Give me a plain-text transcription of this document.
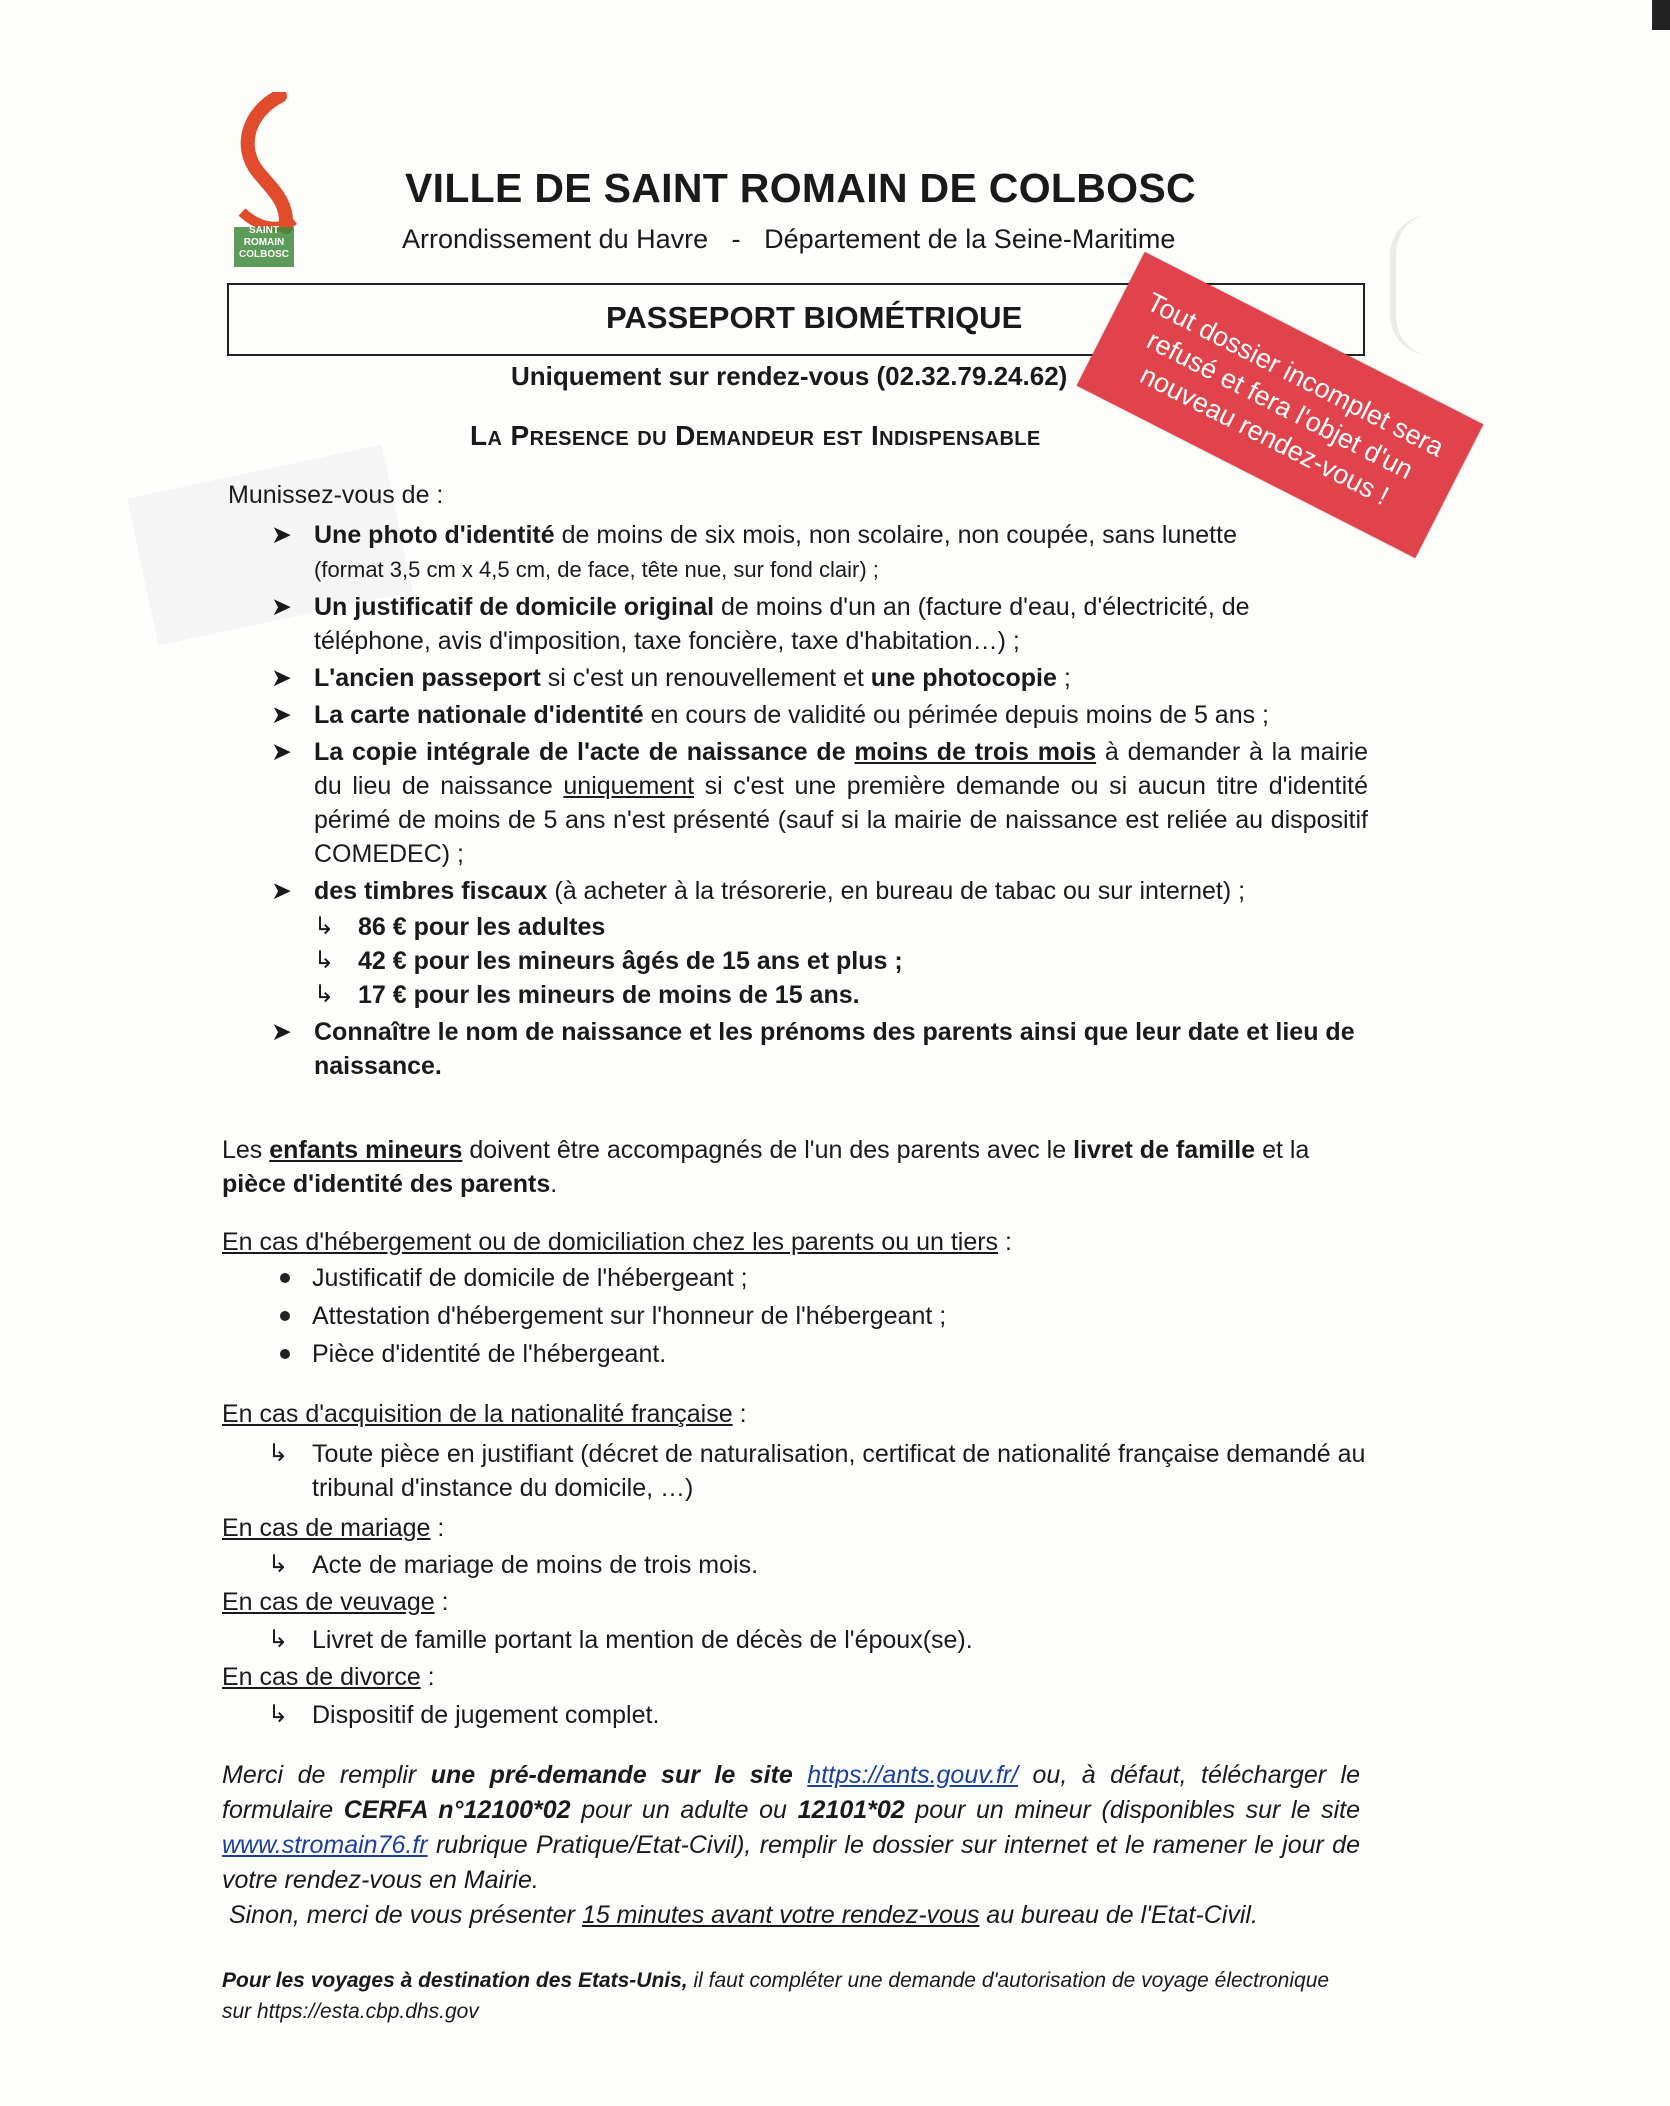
SAINT ROMAIN COLBOSC
VILLE DE SAINT ROMAIN DE COLBOSC
Arrondissement du Havre - Département de la Seine-Maritime
PASSEPORT BIOMÉTRIQUE
Uniquement sur rendez-vous (02.32.79.24.62)
La Presence du Demandeur est Indispensable	Tout dossier incomplet sera refusé et fera l'objet d'un nouveau rendez-vous !
Munissez-vous de :
➤ Une photo d'identité de moins de six mois, non scolaire, non coupée, sans lunette
(format 3,5 cm x 4,5 cm, de face, tête nue, sur fond clair) ;
➤ Un justificatif de domicile original de moins d'un an (facture d'eau, d'électricité, de téléphone, avis d'imposition, taxe foncière, taxe d'habitation…) ;
➤ L'ancien passeport si c'est un renouvellement et une photocopie ;
➤ La carte nationale d'identité en cours de validité ou périmée depuis moins de 5 ans ;
➤ La copie intégrale de l'acte de naissance de moins de trois mois à demander à la mairie du lieu de naissance uniquement si c'est une première demande ou si aucun titre d'identité périmé de moins de 5 ans n'est présenté (sauf si la mairie de naissance est reliée au dispositif COMEDEC) ;
➤ des timbres fiscaux (à acheter à la trésorerie, en bureau de tabac ou sur internet) ;
↳ 86 € pour les adultes
↳ 42 € pour les mineurs âgés de 15 ans et plus ;
↳ 17 € pour les mineurs de moins de 15 ans.
➤ Connaître le nom de naissance et les prénoms des parents ainsi que leur date et lieu de naissance.
Les enfants mineurs doivent être accompagnés de l'un des parents avec le livret de famille et la pièce d'identité des parents.
En cas d'hébergement ou de domiciliation chez les parents ou un tiers :
Justificatif de domicile de l'hébergeant ;
Attestation d'hébergement sur l'honneur de l'hébergeant ;
Pièce d'identité de l'hébergeant.
En cas d'acquisition de la nationalité française :
↳ Toute pièce en justifiant (décret de naturalisation, certificat de nationalité française demandé au tribunal d'instance du domicile, …)
En cas de mariage :
↳ Acte de mariage de moins de trois mois.
En cas de veuvage :
↳ Livret de famille portant la mention de décès de l'époux(se).
En cas de divorce :
↳ Dispositif de jugement complet.
Merci de remplir une pré-demande sur le site https://ants.gouv.fr/ ou, à défaut, télécharger le formulaire CERFA n°12100*02 pour un adulte ou 12101*02 pour un mineur (disponibles sur le site www.stromain76.fr rubrique Pratique/Etat-Civil), remplir le dossier sur internet et le ramener le jour de votre rendez-vous en Mairie.
Sinon, merci de vous présenter 15 minutes avant votre rendez-vous au bureau de l'Etat-Civil.
Pour les voyages à destination des Etats-Unis, il faut compléter une demande d'autorisation de voyage électronique sur https://esta.cbp.dhs.gov
